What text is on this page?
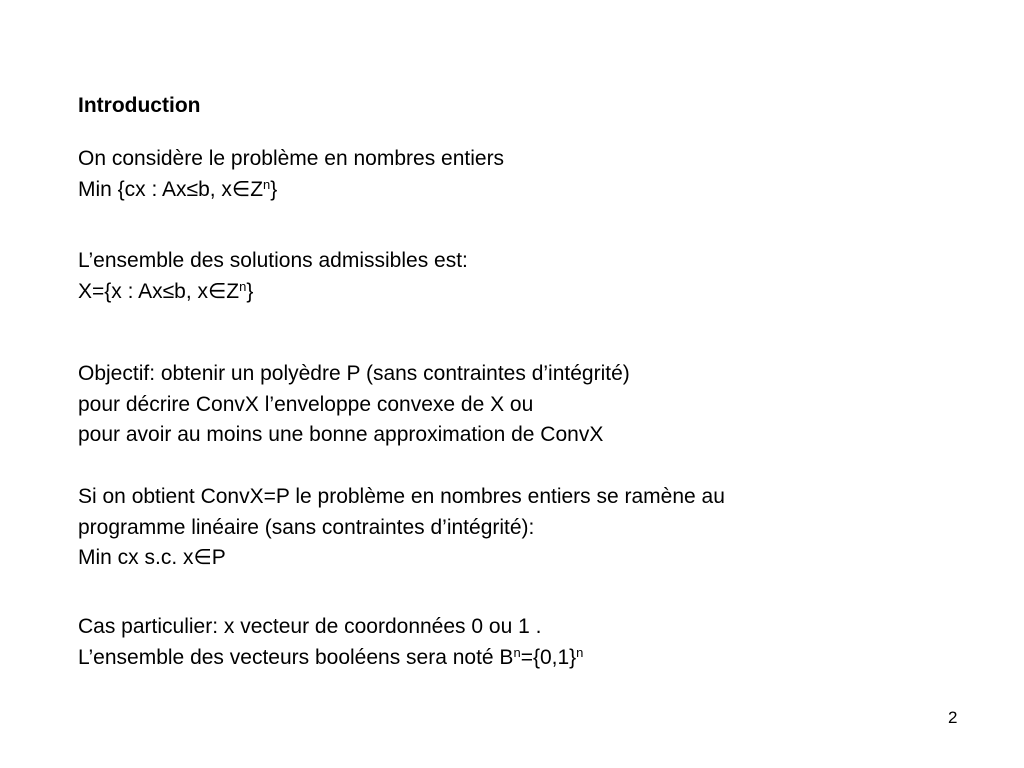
Introduction
On considère le problème en nombres entiers
Min {cx : Ax≤b, $x\in Z^n$}
L’ensemble des solutions admissibles est:
X={x : Ax≤b, $x\in Z^n$}
Objectif: obtenir un polyèdre P (sans contraintes d’intégrité)
pour décrire ConvX l’enveloppe convexe de X ou
pour avoir au moins une bonne approximation de ConvX
Si on obtient ConvX=P le problème en nombres entiers se ramène au
programme linéaire (sans contraintes d’intégrité):
Min cx s.c. x∈P
Cas particulier: x vecteur de coordonnées 0 ou 1 .
L’ensemble des vecteurs booléens sera noté $B^n=\{0,1\}^n$
2
